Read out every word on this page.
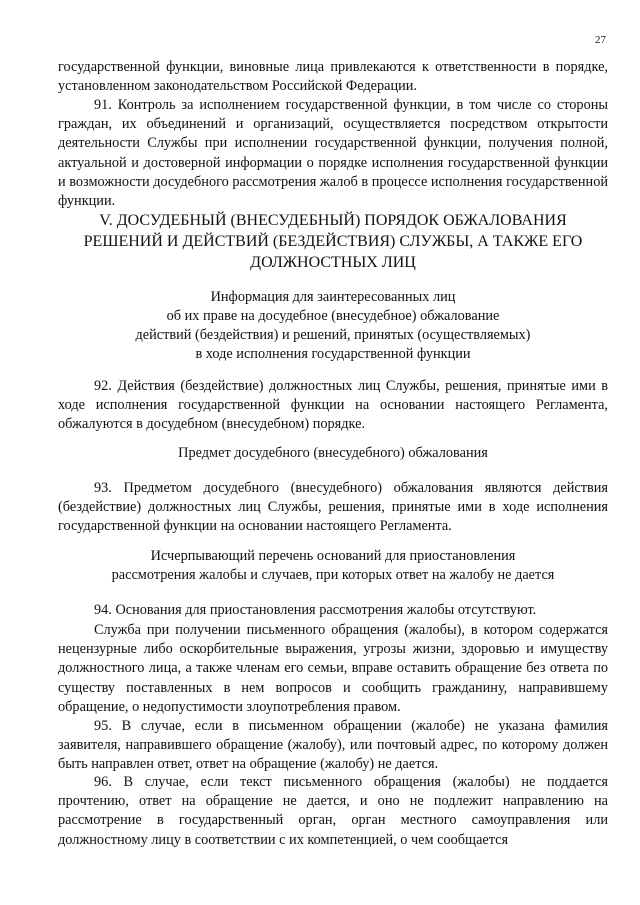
27

государственной функции, виновные лица привлекаются к ответственности в порядке, установленном законодательством Российской Федерации.

91. Контроль за исполнением государственной функции, в том числе со стороны граждан, их объединений и организаций, осуществляется посредством открытости деятельности Службы при исполнении государственной функции, получения полной, актуальной и достоверной информации о порядке исполнения государственной функции и возможности досудебного рассмотрения жалоб в процессе исполнения государственной функции.

V. ДОСУДЕБНЫЙ (ВНЕСУДЕБНЫЙ) ПОРЯДОК ОБЖАЛОВАНИЯ
РЕШЕНИЙ И ДЕЙСТВИЙ (БЕЗДЕЙСТВИЯ) СЛУЖБЫ, А ТАКЖЕ ЕГО
ДОЛЖНОСТНЫХ ЛИЦ

Информация для заинтересованных лиц

об их праве на досудебное (внесудебное) обжалование

действий (бездействия) и решений, принятых (осуществляемых)

в ходе исполнения государственной функции

92. Действия (бездействие) должностных лиц Службы, решения, принятые ими в ходе исполнения государственной функции на основании настоящего Регламента, обжалуются в досудебном (внесудебном) порядке.

Предмет досудебного (внесудебного) обжалования

93. Предметом досудебного (внесудебного) обжалования являются действия (бездействие) должностных лиц Службы, решения, принятые ими в ходе исполнения государственной функции на основании настоящего Регламента.

Исчерпывающий перечень оснований для приостановления

рассмотрения жалобы и случаев, при которых ответ на жалобу не дается

94. Основания для приостановления рассмотрения жалобы отсутствуют.

Служба при получении письменного обращения (жалобы), в котором содержатся нецензурные либо оскорбительные выражения, угрозы жизни, здоровью и имуществу должностного лица, а также членам его семьи, вправе оставить обращение без ответа по существу поставленных в нем вопросов и сообщить гражданину, направившему обращение, о недопустимости злоупотребления правом.

95. В случае, если в письменном обращении (жалобе) не указана фамилия заявителя, направившего обращение (жалобу), или почтовый адрес, по которому должен быть направлен ответ, ответ на обращение (жалобу) не дается.

96. В случае, если текст письменного обращения (жалобы) не поддается прочтению, ответ на обращение не дается, и оно не подлежит направлению на рассмотрение в государственный орган, орган местного самоуправления или должностному лицу в соответствии с их компетенцией, о чем сообщается
